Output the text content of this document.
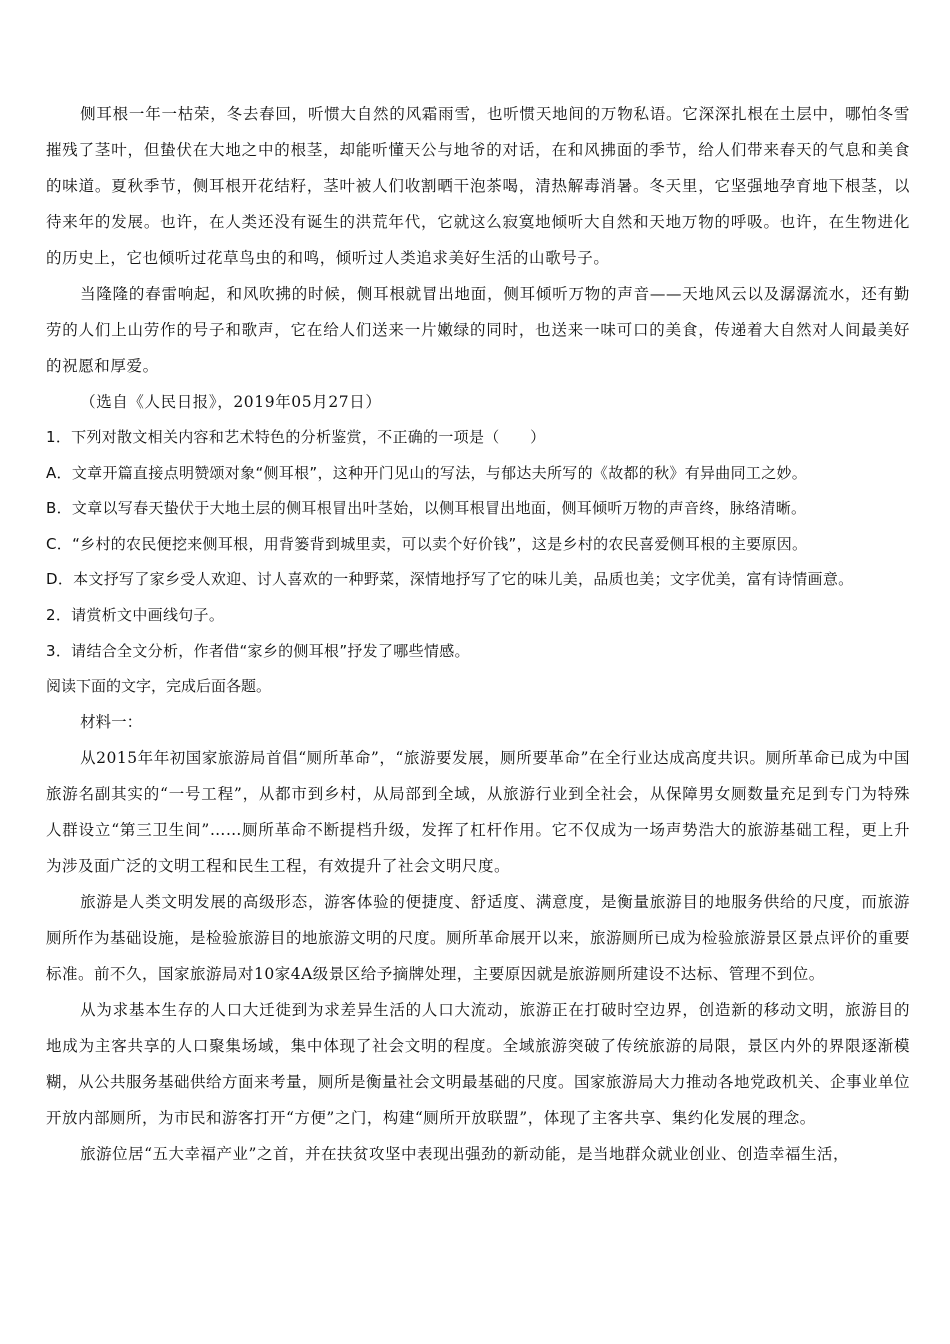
侧耳根一年一枯荣，冬去春回，听惯大自然的风霜雨雪，也听惯天地间的万物私语。它深深扎根在土层中，哪怕冬雪摧残了茎叶，但蛰伏在大地之中的根茎，却能听懂天公与地爷的对话，在和风拂面的季节，给人们带来春天的气息和美食的味道。夏秋季节，侧耳根开花结籽，茎叶被人们收割晒干泡茶喝，清热解毒消暑。冬天里，它坚强地孕育地下根茎，以待来年的发展。也许，在人类还没有诞生的洪荒年代，它就这么寂寞地倾听大自然和天地万物的呼吸。也许，在生物进化的历史上，它也倾听过花草鸟虫的和鸣，倾听过人类追求美好生活的山歌号子。

当隆隆的春雷响起，和风吹拂的时候，侧耳根就冒出地面，侧耳倾听万物的声音——天地风云以及潺潺流水，还有勤劳的人们上山劳作的号子和歌声，它在给人们送来一片嫩绿的同时，也送来一味可口的美食，传递着大自然对人间最美好的祝愿和厚爱。

（选自《人民日报》，2019年05月27日）

1．下列对散文相关内容和艺术特色的分析鉴赏，不正确的一项是（　　）

A．文章开篇直接点明赞颂对象“侧耳根”，这种开门见山的写法，与郁达夫所写的《故都的秋》有异曲同工之妙。

B．文章以写春天蛰伏于大地土层的侧耳根冒出叶茎始，以侧耳根冒出地面，侧耳倾听万物的声音终，脉络清晰。

C．“乡村的农民便挖来侧耳根，用背篓背到城里卖，可以卖个好价钱”，这是乡村的农民喜爱侧耳根的主要原因。

D．本文抒写了家乡受人欢迎、讨人喜欢的一种野菜，深情地抒写了它的味儿美，品质也美；文字优美，富有诗情画意。

2．请赏析文中画线句子。

3．请结合全文分析，作者借“家乡的侧耳根”抒发了哪些情感。

阅读下面的文字，完成后面各题。

材料一：

从2015年年初国家旅游局首倡“厕所革命”，“旅游要发展，厕所要革命”在全行业达成高度共识。厕所革命已成为中国旅游名副其实的“一号工程”，从都市到乡村，从局部到全域，从旅游行业到全社会，从保障男女厕数量充足到专门为特殊人群设立“第三卫生间”……厕所革命不断提档升级，发挥了杠杆作用。它不仅成为一场声势浩大的旅游基础工程，更上升为涉及面广泛的文明工程和民生工程，有效提升了社会文明尺度。

旅游是人类文明发展的高级形态，游客体验的便捷度、舒适度、满意度，是衡量旅游目的地服务供给的尺度，而旅游厕所作为基础设施，是检验旅游目的地旅游文明的尺度。厕所革命展开以来，旅游厕所已成为检验旅游景区景点评价的重要标准。前不久，国家旅游局对10家4A级景区给予摘牌处理，主要原因就是旅游厕所建设不达标、管理不到位。

从为求基本生存的人口大迁徙到为求差异生活的人口大流动，旅游正在打破时空边界，创造新的移动文明，旅游目的地成为主客共享的人口聚集场域，集中体现了社会文明的程度。全域旅游突破了传统旅游的局限，景区内外的界限逐渐模糊，从公共服务基础供给方面来考量，厕所是衡量社会文明最基础的尺度。国家旅游局大力推动各地党政机关、企事业单位开放内部厕所，为市民和游客打开“方便”之门，构建“厕所开放联盟”，体现了主客共享、集约化发展的理念。

旅游位居“五大幸福产业”之首，并在扶贫攻坚中表现出强劲的新动能，是当地群众就业创业、创造幸福生活，
